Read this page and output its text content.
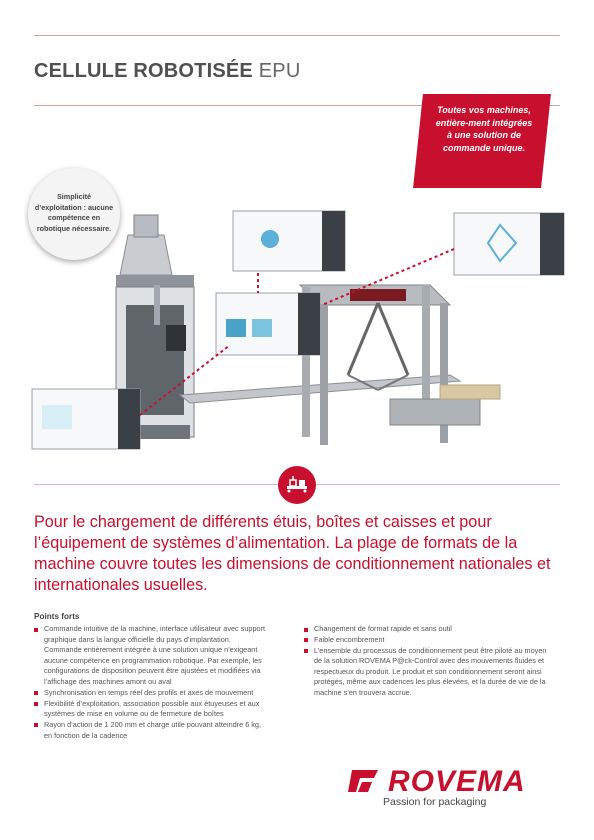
CELLULE ROBOTISÉE EPU
Toutes vos machines, entière-ment intégrées à une solution de commande unique.
Simplicité d’exploitation : aucune compétence en robotique nécessaire.
Pour le chargement de différents étuis, boîtes et caisses et pour l’équipement de systèmes d’alimentation. La plage de formats de la machine couvre toutes les dimensions de conditionnement nationales et internationales usuelles.
Points forts
Commande intuitive de la machine, interface utilisateur avec support graphique dans la langue officielle du pays d’implantation. Commande entièrement intégrée à une solution unique n’exigeant aucune compétence en programmation robotique. Par exemple, les configurations de disposition peuvent être ajustées et modifiées via l’affichage des machines amont ou aval
Synchronisation en temps réel des profils et axes de mouvement
Flexibilité d’exploitation, association possible aux étuyeuses et aux systèmes de mise en volume ou de fermeture de boîtes
Rayon d’action de 1 200 mm et charge utile pouvant atteindre 6 kg, en fonction de la cadence
Changement de format rapide et sans outil
Faible encombrement
L’ensemble du processus de conditionnement peut être piloté au moyen de la solution ROVEMA P@ck-Control avec des mouvements fluides et respectueux du produit. Le produit et son conditionnement seront ainsi protégés, même aux cadences les plus élevées, et la durée de vie de la machine s’en trouvera accrue.
ROVEMA
Passion for packaging
